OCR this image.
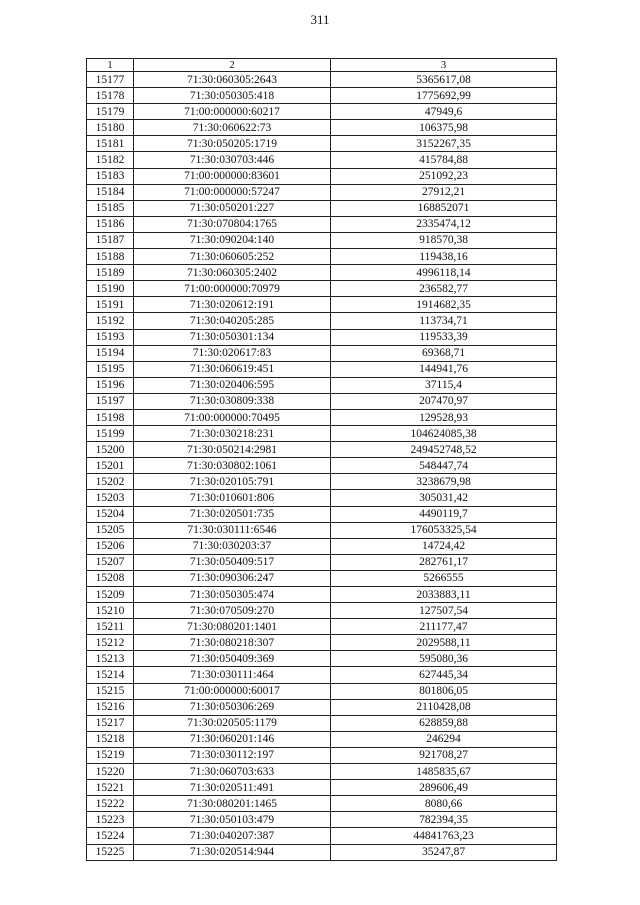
311
1	2	3
15177	71:30:060305:2643	5365617,08
15178	71:30:050305:418	1775692,99
15179	71:00:000000:60217	47949,6
15180	71:30:060622:73	106375,98
15181	71:30:050205:1719	3152267,35
15182	71:30:030703:446	415784,88
15183	71:00:000000:83601	251092,23
15184	71:00:000000:57247	27912,21
15185	71:30:050201:227	168852071
15186	71:30:070804:1765	2335474,12
15187	71:30:090204:140	918570,38
15188	71:30:060605:252	119438,16
15189	71:30:060305:2402	4996118,14
15190	71:00:000000:70979	236582,77
15191	71:30:020612:191	1914682,35
15192	71:30:040205:285	113734,71
15193	71:30:050301:134	119533,39
15194	71:30:020617:83	69368,71
15195	71:30:060619:451	144941,76
15196	71:30:020406:595	37115,4
15197	71:30:030809:338	207470,97
15198	71:00:000000:70495	129528,93
15199	71:30:030218:231	104624085,38
15200	71:30:050214:2981	249452748,52
15201	71:30:030802:1061	548447,74
15202	71:30:020105:791	3238679,98
15203	71:30:010601:806	305031,42
15204	71:30:020501:735	4490119,7
15205	71:30:030111:6546	176053325,54
15206	71:30:030203:37	14724,42
15207	71:30:050409:517	282761,17
15208	71:30:090306:247	5266555
15209	71:30:050305:474	2033883,11
15210	71:30:070509:270	127507,54
15211	71:30:080201:1401	211177,47
15212	71:30:080218:307	2029588,11
15213	71:30:050409:369	595080,36
15214	71:30:030111:464	627445,34
15215	71:00:000000:60017	801806,05
15216	71:30:050306:269	2110428,08
15217	71:30:020505:1179	628859,88
15218	71:30:060201:146	246294
15219	71:30:030112:197	921708,27
15220	71:30:060703:633	1485835,67
15221	71:30:020511:491	289606,49
15222	71:30:080201:1465	8080,66
15223	71:30:050103:479	782394,35
15224	71:30:040207:387	44841763,23
15225	71:30:020514:944	35247,87
